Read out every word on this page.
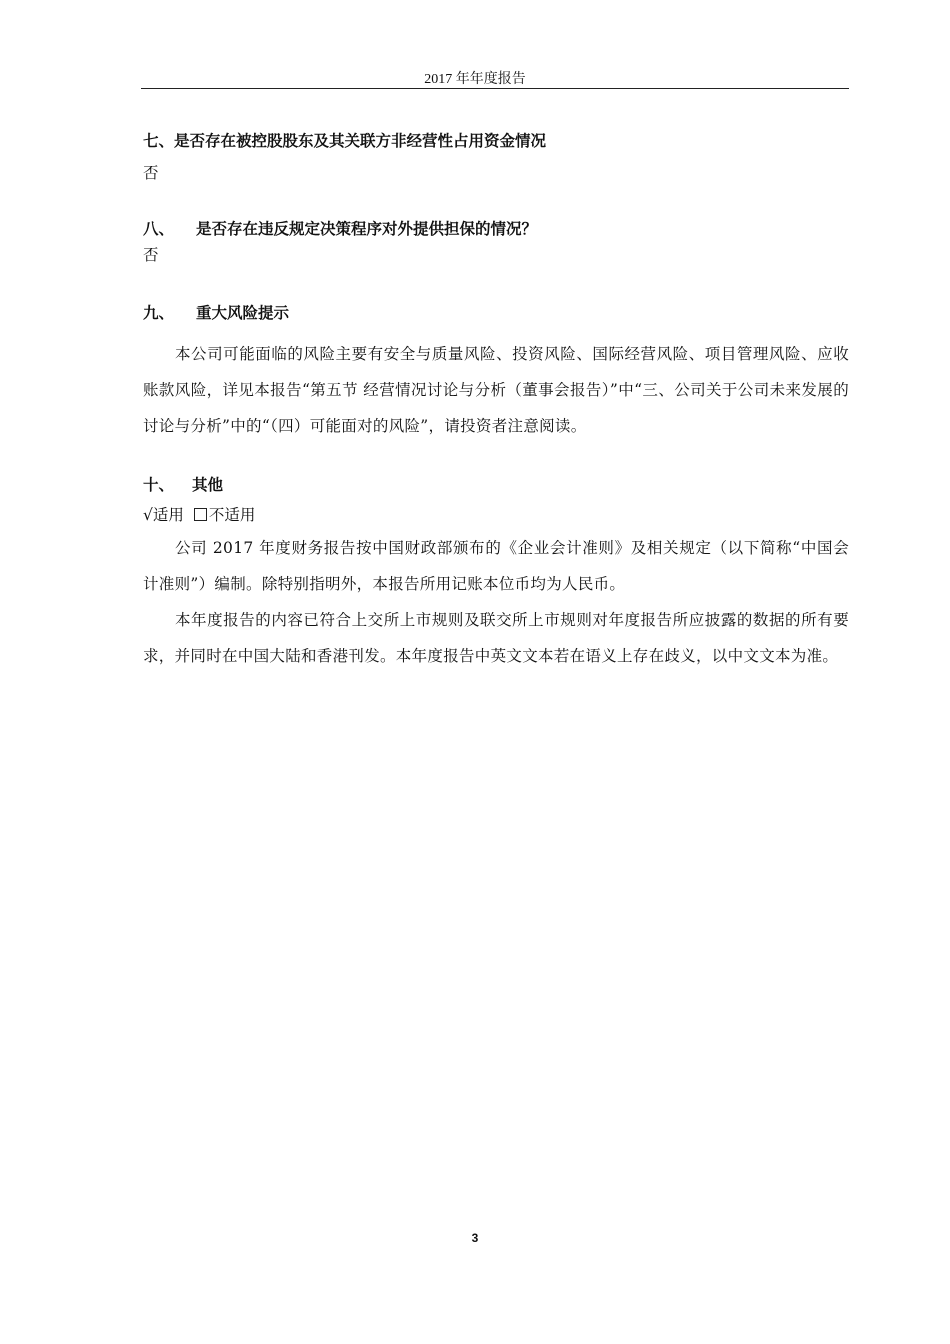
2017 年年度报告

七、是否存在被控股股东及其关联方非经营性占用资金情况

否

八、 是否存在违反规定决策程序对外提供担保的情况？

否

九、 重大风险提示

本公司可能面临的风险主要有安全与质量风险、投资风险、国际经营风险、项目管理风险、应收账款风险，详见本报告“第五节 经营情况讨论与分析（董事会报告）”中“三、公司关于公司未来发展的讨论与分析”中的“（四）可能面对的风险”，请投资者注意阅读。

十、 其他

√适用 不适用

公司 2017 年度财务报告按中国财政部颁布的《企业会计准则》及相关规定（以下简称“中国会计准则”）编制。除特别指明外，本报告所用记账本位币均为人民币。

本年度报告的内容已符合上交所上市规则及联交所上市规则对年度报告所应披露的数据的所有要求，并同时在中国大陆和香港刊发。本年度报告中英文文本若在语义上存在歧义，以中文文本为准。

3
